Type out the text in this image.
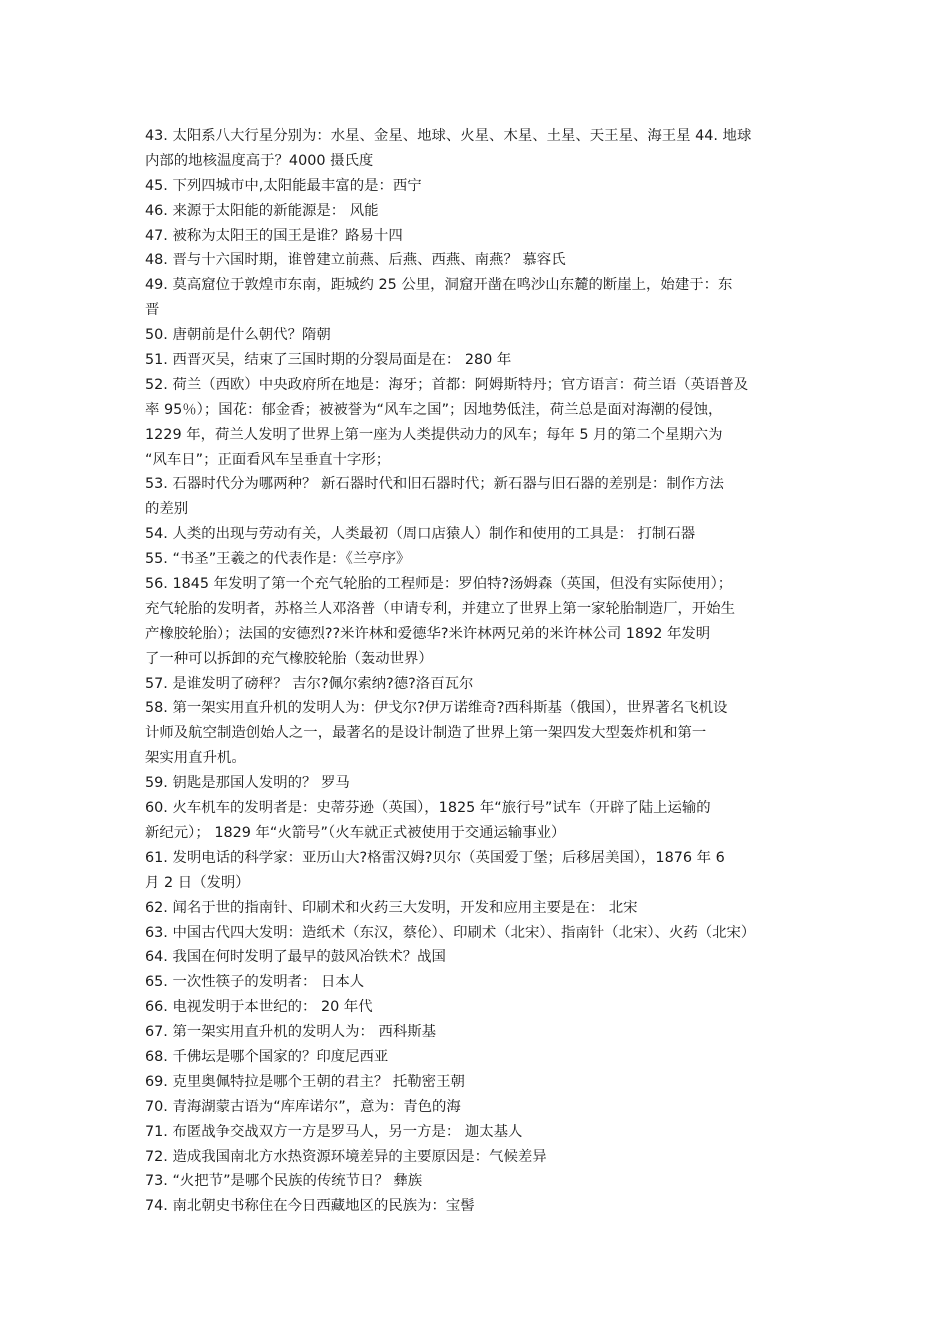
43. 太阳系八大行星分别为：水星、金星、地球、火星、木星、土星、天王星、海王星 44. 地球
内部的地核温度高于？4000 摄氏度
45. 下列四城市中,太阳能最丰富的是：西宁
46. 来源于太阳能的新能源是： 风能
47. 被称为太阳王的国王是谁？路易十四
48. 晋与十六国时期，谁曾建立前燕、后燕、西燕、南燕？ 慕容氏
49. 莫高窟位于敦煌市东南，距城约 25 公里，洞窟开凿在鸣沙山东麓的断崖上，始建于：东
晋
50. 唐朝前是什么朝代？隋朝
51. 西晋灭吴，结束了三国时期的分裂局面是在： 280 年
52. 荷兰（西欧）中央政府所在地是：海牙；首都：阿姆斯特丹；官方语言：荷兰语（英语普及
率 95％）；国花：郁金香；被被誉为“风车之国”；因地势低洼，荷兰总是面对海潮的侵蚀，
1229 年，荷兰人发明了世界上第一座为人类提供动力的风车；每年 5 月的第二个星期六为
“风车日”；正面看风车呈垂直十字形；
53. 石器时代分为哪两种？ 新石器时代和旧石器时代；新石器与旧石器的差别是：制作方法
的差别
54. 人类的出现与劳动有关，人类最初（周口店猿人）制作和使用的工具是： 打制石器
55. “书圣”王羲之的代表作是：《兰亭序》
56. 1845 年发明了第一个充气轮胎的工程师是：罗伯特?汤姆森（英国，但没有实际使用）；
充气轮胎的发明者，苏格兰人邓洛普（申请专利，并建立了世界上第一家轮胎制造厂，开始生
产橡胶轮胎）；法国的安德烈??米许林和爱德华?米许林两兄弟的米许林公司 1892 年发明
了一种可以拆卸的充气橡胶轮胎（轰动世界）
57. 是谁发明了磅秤？ 吉尔?佩尔索纳?德?洛百瓦尔
58. 第一架实用直升机的发明人为：伊戈尔?伊万诺维奇?西科斯基（俄国），世界著名飞机设
计师及航空制造创始人之一，最著名的是设计制造了世界上第一架四发大型轰炸机和第一
架实用直升机。
59. 钥匙是那国人发明的？ 罗马
60. 火车机车的发明者是：史蒂芬逊（英国），1825 年“旅行号”试车（开辟了陆上运输的
新纪元）； 1829 年“火箭号”（火车就正式被使用于交通运输事业）
61. 发明电话的科学家：亚历山大?格雷汉姆?贝尔（英国爱丁堡；后移居美国），1876 年 6
月 2 日（发明）
62. 闻名于世的指南针、印刷术和火药三大发明，开发和应用主要是在： 北宋
63. 中国古代四大发明：造纸术（东汉，蔡伦）、印刷术（北宋）、指南针（北宋）、火药（北宋）
64. 我国在何时发明了最早的鼓风冶铁术？战国
65. 一次性筷子的发明者： 日本人
66. 电视发明于本世纪的： 20 年代
67. 第一架实用直升机的发明人为： 西科斯基
68. 千佛坛是哪个国家的？印度尼西亚
69. 克里奥佩特拉是哪个王朝的君主？ 托勒密王朝
70. 青海湖蒙古语为“库库诺尔”，意为：青色的海
71. 布匿战争交战双方一方是罗马人，另一方是： 迦太基人
72. 造成我国南北方水热资源环境差异的主要原因是：气候差异
73. “火把节”是哪个民族的传统节日？ 彝族
74. 南北朝史书称住在今日西藏地区的民族为：宝髻
